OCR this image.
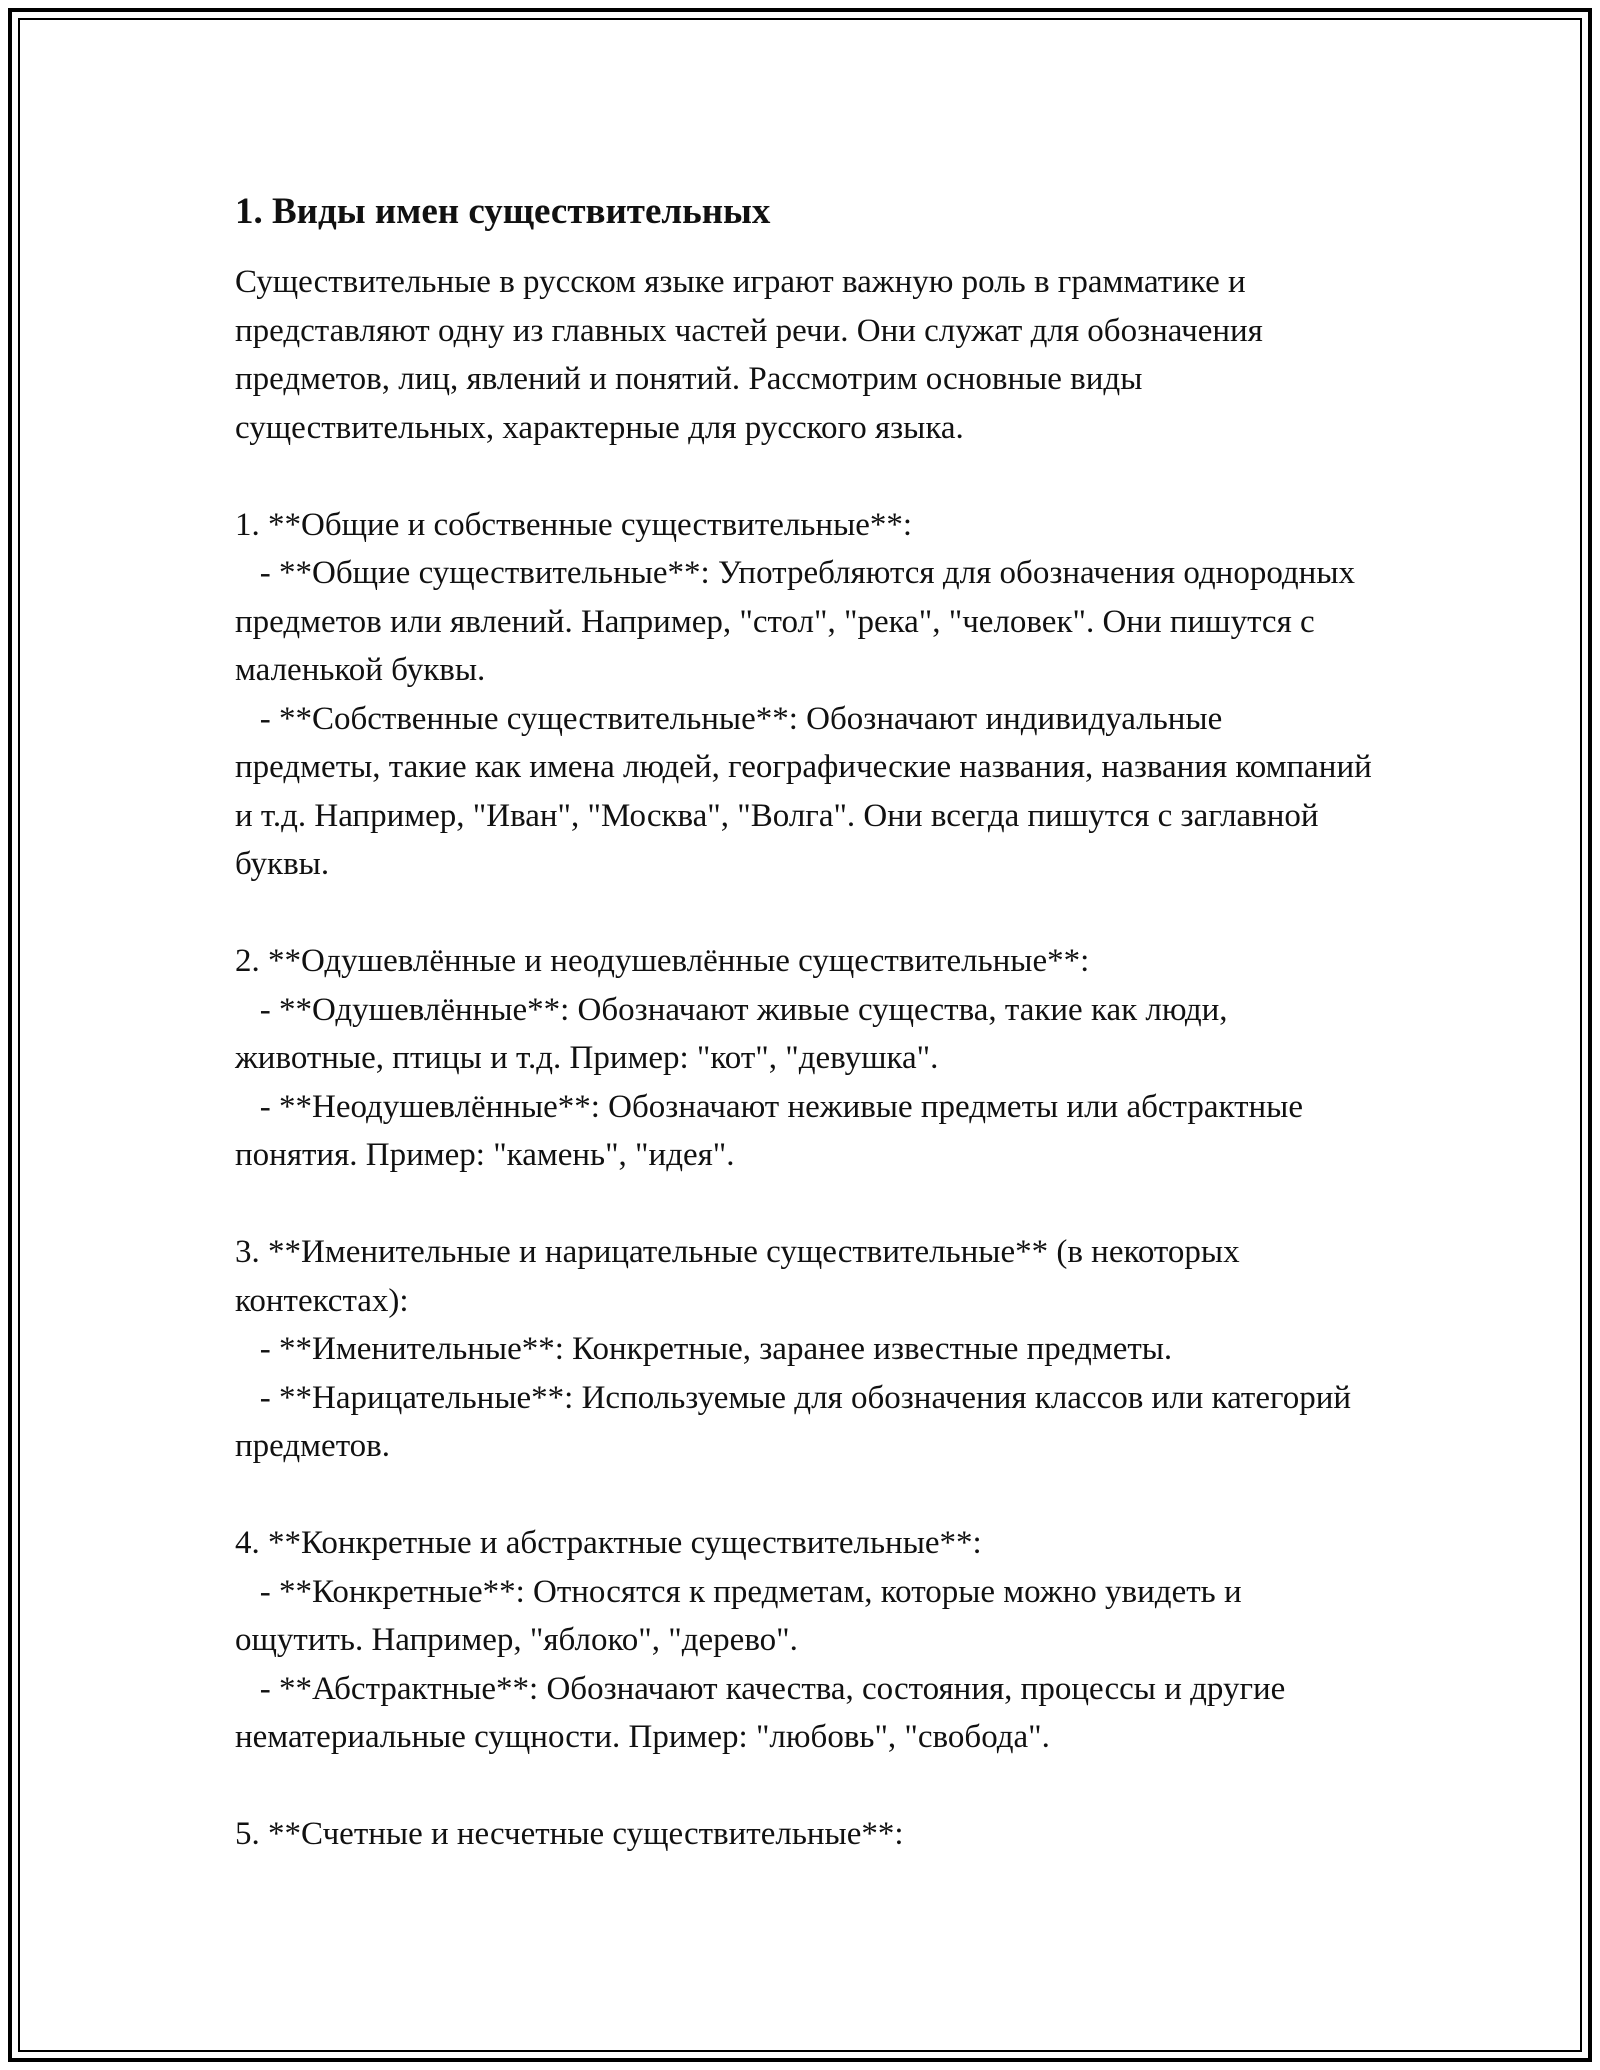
1. Виды имен существительных

Существительные в русском языке играют важную роль в грамматике и представляют одну из главных частей речи. Они служат для обозначения предметов, лиц, явлений и понятий. Рассмотрим основные виды существительных, характерные для русского языка.

1. **Общие и собственные существительные**:

- **Общие существительные**: Употребляются для обозначения однородных предметов или явлений. Например, "стол", "река", "человек". Они пишутся с маленькой буквы.

- **Собственные существительные**: Обозначают индивидуальные предметы, такие как имена людей, географические названия, названия компаний и т.д. Например, "Иван", "Москва", "Волга". Они всегда пишутся с заглавной буквы.

2. **Одушевлённые и неодушевлённые существительные**:

- **Одушевлённые**: Обозначают живые существа, такие как люди, животные, птицы и т.д. Пример: "кот", "девушка".

- **Неодушевлённые**: Обозначают неживые предметы или абстрактные понятия. Пример: "камень", "идея".

3. **Именительные и нарицательные существительные** (в некоторых контекстах):

- **Именительные**: Конкретные, заранее известные предметы.

- **Нарицательные**: Используемые для обозначения классов или категорий предметов.

4. **Конкретные и абстрактные существительные**:

- **Конкретные**: Относятся к предметам, которые можно увидеть и ощутить. Например, "яблоко", "дерево".

- **Абстрактные**: Обозначают качества, состояния, процессы и другие нематериальные сущности. Пример: "любовь", "свобода".

5. **Счетные и несчетные существительные**:
